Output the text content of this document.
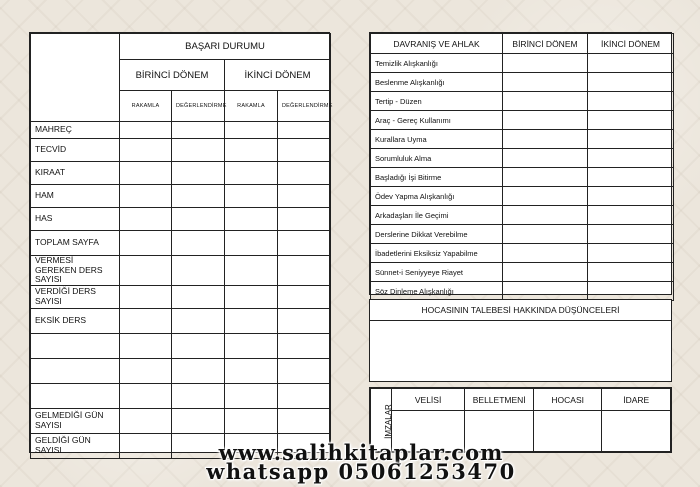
	BAŞARI DURUMU			
	BİRİNCİ DÖNEM		İKİNCİ DÖNEM	
	RAKAMLA	DEĞERLENDİRME	RAKAMLA	DEĞERLENDİRME
MAHREÇ				
TECVİD				
KIRAAT				
HAM				
HAS				
TOPLAM SAYFA				
VERMESİ GEREKEN DERS SAYISI				
VERDİĞİ DERS SAYISI				
EKSİK DERS				

GELMEDİĞİ GÜN SAYISI				
GELDİĞİ GÜN SAYISI				
DAVRANIŞ VE AHLAK	BİRİNCİ DÖNEM	İKİNCİ DÖNEM
Temizlik Alışkanlığı		
Beslenme Alışkanlığı		
Tertip - Düzen		
Araç - Gereç Kullanımı		
Kurallara Uyma		
Sorumluluk Alma		
Başladığı İşi Bitirme		
Ödev Yapma Alışkanlığı		
Arkadaşları İle Geçimi		
Derslerine Dikkat Verebilme		
İbadetlerini Eksiksiz Yapabilme		
Sünnet-i Seniyyeye Riayet		
Söz Dinleme Alışkanlığı		
HOCASININ TALEBESİ HAKKINDA DÜŞÜNCELERİ
İMZALAR	VELİSİ	BELLETMENİ	HOCASI	İDARE

www.salihkitaplar.com
whatsapp 05061253470
